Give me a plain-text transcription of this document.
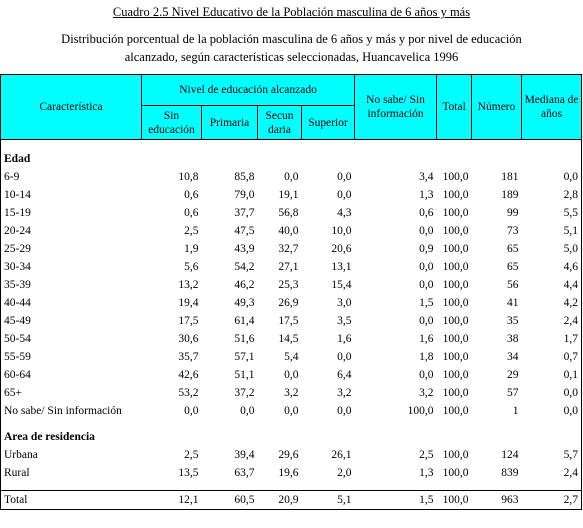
Cuadro 2.5 Nivel Educativo de la Población masculina de 6 años y más
Distribución porcentual de la población masculina de 6 años y más y por nivel de educación
alcanzado, según características seleccionadas, Huancavelica 1996
Característica	Nivel de educación alcanzado				No sabe/ Sin información	Total	Número	Mediana de años
	Sin educación	Primaria	Secun daria	Superior				

Edad								
6-9	10,8	85,8	0,0	0,0	3,4	100,0	181	0,0
10-14	0,6	79,0	19,1	0,0	1,3	100,0	189	2,8
15-19	0,6	37,7	56,8	4,3	0,6	100,0	99	5,5
20-24	2,5	47,5	40,0	10,0	0,0	100,0	73	5,1
25-29	1,9	43,9	32,7	20,6	0,9	100,0	65	5,0
30-34	5,6	54,2	27,1	13,1	0,0	100,0	65	4,6
35-39	13,2	46,2	25,3	15,4	0,0	100,0	56	4,4
40-44	19,4	49,3	26,9	3,0	1,5	100,0	41	4,2
45-49	17,5	61,4	17,5	3,5	0,0	100,0	35	2,4
50-54	30,6	51,6	14,5	1,6	1,6	100,0	38	1,7
55-59	35,7	57,1	5,4	0,0	1,8	100,0	34	0,7
60-64	42,6	51,1	0,0	6,4	0,0	100,0	29	0,1
65+	53,2	37,2	3,2	3,2	3,2	100,0	57	0,0
No sabe/ Sin información	0,0	0,0	0,0	0,0	100,0	100,0	1	0,0

Area de residencia								
Urbana	2,5	39,4	29,6	26,1	2,5	100,0	124	5,7
Rural	13,5	63,7	19,6	2,0	1,3	100,0	839	2,4

Total	12,1	60,5	20,9	5,1	1,5	100,0	963	2,7
